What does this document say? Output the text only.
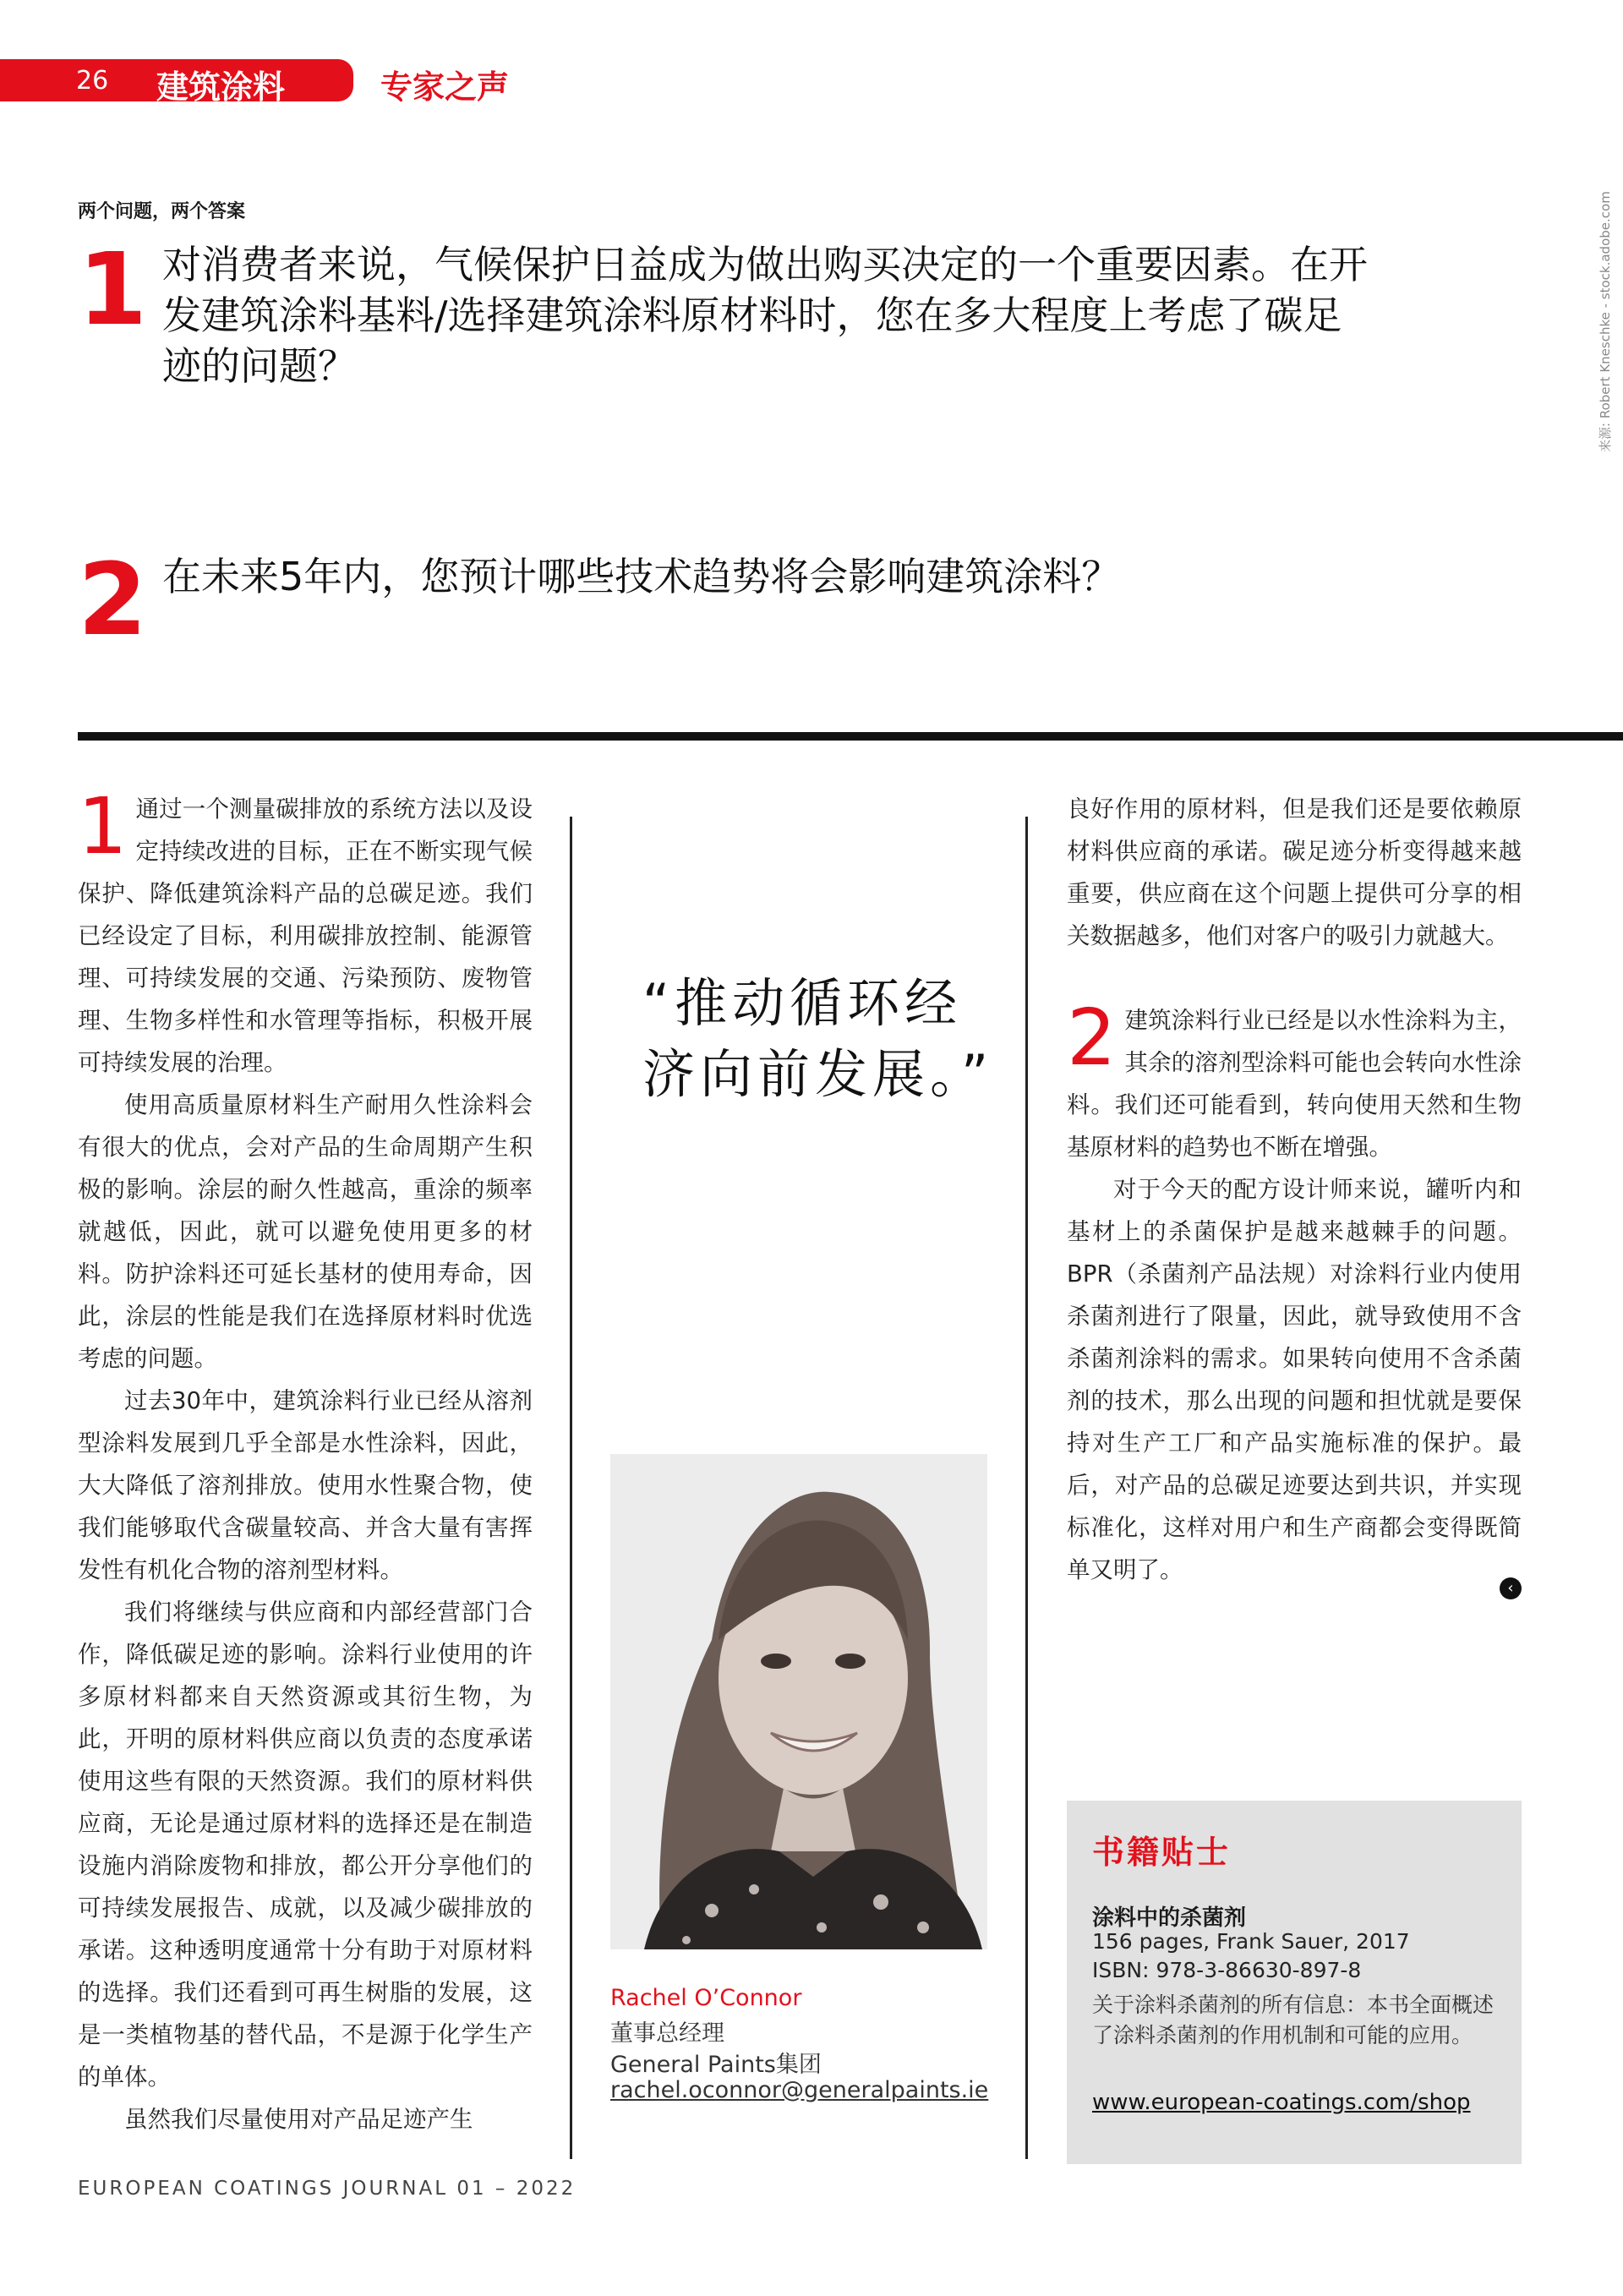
26 建筑涂料	专家之声
来源: Robert Kneschke - stock.adobe.com
两个问题，两个答案
1 对消费者来说，气候保护日益成为做出购买决定的一个重要因素。在开
发建筑涂料基料/选择建筑涂料原材料时，您在多大程度上考虑了碳足
迹的问题？
2 在未来5年内，您预计哪些技术趋势将会影响建筑涂料？

1 通过一个测量碳排放的系统方法以及设定持续改进的目标，正在不断实现气候保护、降低建筑涂料产品的总碳足迹。我们已经设定了目标，利用碳排放控制、能源管理、可持续发展的交通、污染预防、废物管理、生物多样性和水管理等指标，积极开展可持续发展的治理。

使用高质量原材料生产耐用久性涂料会有很大的优点，会对产品的生命周期产生积极的影响。涂层的耐久性越高，重涂的频率就越低，因此，就可以避免使用更多的材料。防护涂料还可延长基材的使用寿命，因此，涂层的性能是我们在选择原材料时优选考虑的问题。

过去30年中，建筑涂料行业已经从溶剂型涂料发展到几乎全部是水性涂料，因此，大大降低了溶剂排放。使用水性聚合物，使我们能够取代含碳量较高、并含大量有害挥发性有机化合物的溶剂型材料。

我们将继续与供应商和内部经营部门合作，降低碳足迹的影响。涂料行业使用的许多原材料都来自天然资源或其衍生物，为此，开明的原材料供应商以负责的态度承诺使用这些有限的天然资源。我们的原材料供应商，无论是通过原材料的选择还是在制造设施内消除废物和排放，都公开分享他们的可持续发展报告、成就，以及减少碳排放的承诺。这种透明度通常十分有助于对原材料的选择。我们还看到可再生树脂的发展，这是一类植物基的替代品，不是源于化学生产的单体。

虽然我们尽量使用对产品足迹产生

“推动循环经济向前发展。”
Rachel O’Connor
董事总经理
General Paints集团
rachel.oconnor@generalpaints.ie

良好作用的原材料，但是我们还是要依赖原材料供应商的承诺。碳足迹分析变得越来越重要，供应商在这个问题上提供可分享的相关数据越多，他们对客户的吸引力就越大。

2 建筑涂料行业已经是以水性涂料为主，其余的溶剂型涂料可能也会转向水性涂料。我们还可能看到，转向使用天然和生物基原材料的趋势也不断在增强。

对于今天的配方设计师来说，罐听内和基材上的杀菌保护是越来越棘手的问题。BPR（杀菌剂产品法规）对涂料行业内使用杀菌剂进行了限量，因此，就导致使用不含杀菌剂涂料的需求。如果转向使用不含杀菌剂的技术，那么出现的问题和担忧就是要保持对生产工厂和产品实施标准的保护。最后，对产品的总碳足迹要达到共识，并实现标准化，这样对用户和生产商都会变得既简单又明了。

‹
书籍贴士
涂料中的杀菌剂
156 pages, Frank Sauer, 2017
ISBN: 978-3-86630-897-8
关于涂料杀菌剂的所有信息：本书全面概述了涂料杀菌剂的作用机制和可能的应用。
www.european-coatings.com/shop
EUROPEAN COATINGS JOURNAL 01 – 2022
